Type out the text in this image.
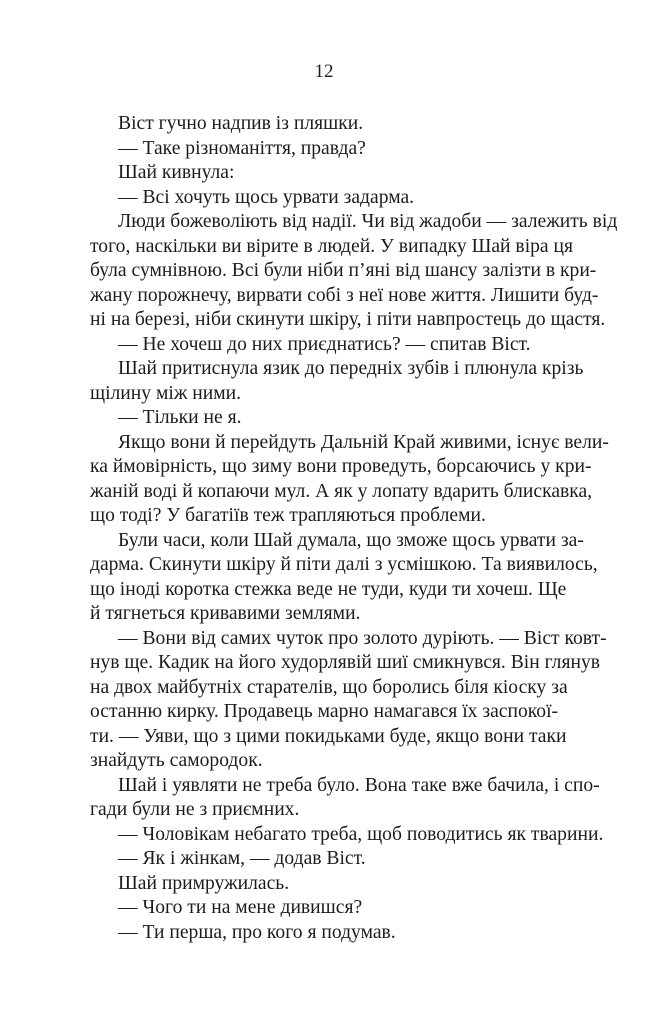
12

Віст гучно надпив із пляшки.

— Таке різноманіття, правда?

Шай кивнула:

— Всі хочуть щось урвати задарма.

Люди божеволіють від надії. Чи від жадоби — залежить від
того, наскільки ви вірите в людей. У випадку Шай віра ця
була сумнівною. Всі були ніби п’яні від шансу залізти в кри-
жану порожнечу, вирвати собі з неї нове життя. Лишити буд-
ні на березі, ніби скинути шкіру, і піти навпростець до щастя.

— Не хочеш до них приєднатись? — спитав Віст.

Шай притиснула язик до передніх зубів і плюнула крізь
щілину між ними.

— Тільки не я.

Якщо вони й перейдуть Дальній Край живими, існує вели-
ка ймовірність, що зиму вони проведуть, борсаючись у кри-
жаній воді й копаючи мул. А як у лопату вдарить блискавка,
що тоді? У багатіїв теж трапляються проблеми.

Були часи, коли Шай думала, що зможе щось урвати за-
дарма. Скинути шкіру й піти далі з усмішкою. Та виявилось,
що іноді коротка стежка веде не туди, куди ти хочеш. Ще
й тягнеться кривавими землями.

— Вони від самих чуток про золото дуріють. — Віст ковт-
нув ще. Кадик на його худорлявій шиї смикнувся. Він глянув
на двох майбутніх старателів, що боролись біля кіоску за
останню кирку. Продавець марно намагався їх заспокої-
ти. — Уяви, що з цими покидьками буде, якщо вони таки
знайдуть самородок.

Шай і уявляти не треба було. Вона таке вже бачила, і спо-
гади були не з приємних.

— Чоловікам небагато треба, щоб поводитись як тварини.

— Як і жінкам, — додав Віст.

Шай примружилась.

— Чого ти на мене дивишся?

— Ти перша, про кого я подумав.
